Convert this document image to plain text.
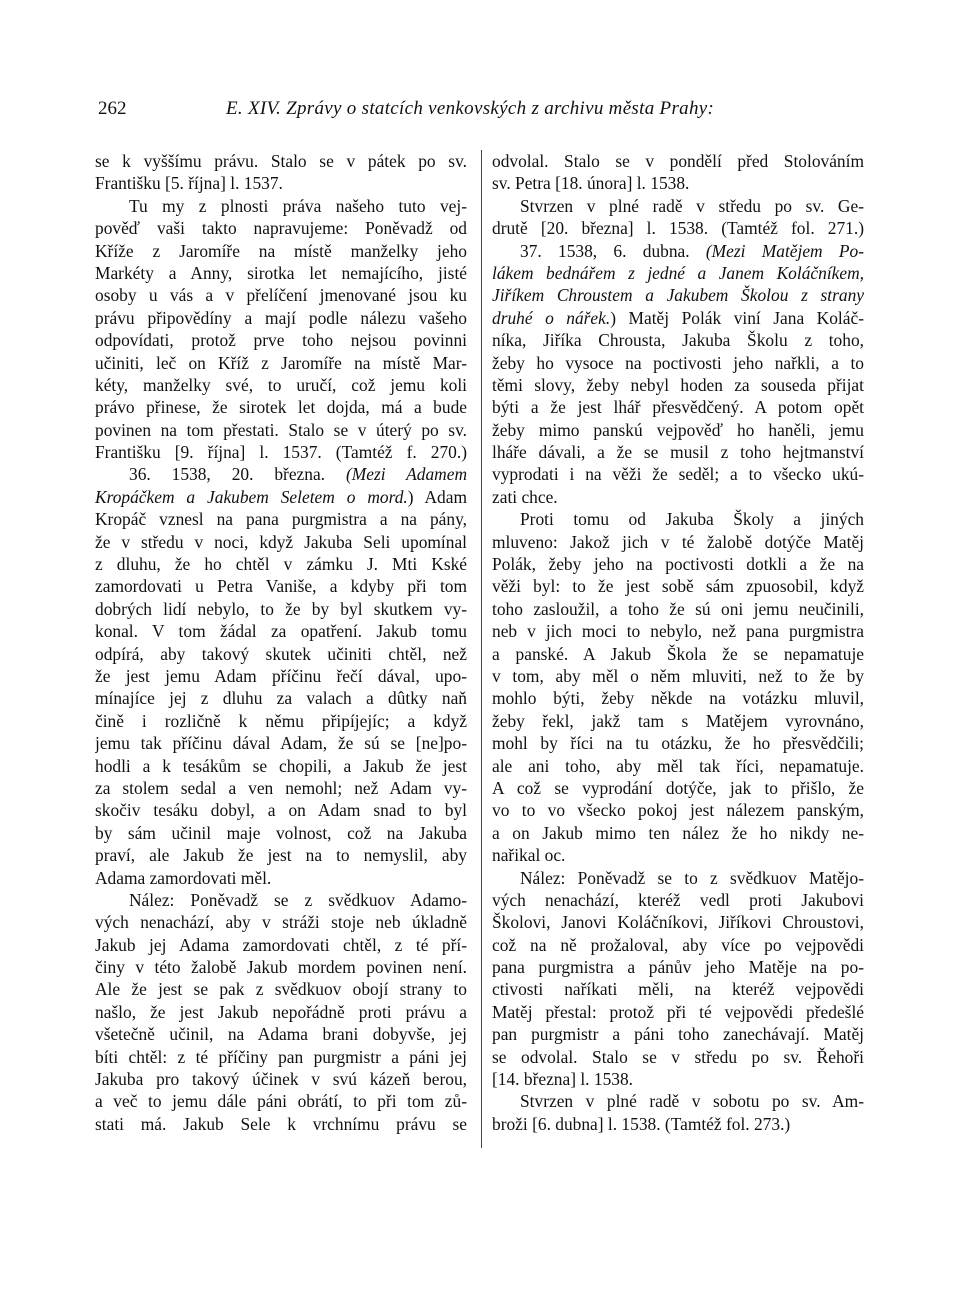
262	E. XIV. Zprávy o statcích venkovských z archivu města Prahy:
se k vyššímu právu. Stalo se v pátek po sv.
Františku [5. října] l. 1537.
Tu my z plnosti práva našeho tuto vej-
pověď vaši takto napravujeme: Poněvadž od
Kříže z Jaromíře na místě manželky jeho
Markéty a Anny, sirotka let nemajícího, jisté
osoby u vás a v přelíčení jmenované jsou ku
právu připovědíny a mají podle nálezu vašeho
odpovídati, protož prve toho nejsou povinni
učiniti, leč on Kříž z Jaromíře na místě Mar-
kéty, manželky své, to uručí, což jemu koli
právo přinese, že sirotek let dojda, má a bude
povinen na tom přestati. Stalo se v úterý po sv.
Františku [9. října] l. 1537. (Tamtéž f. 270.)
36. 1538, 20. března. (Mezi Adamem
Kropáčkem a Jakubem Seletem o mord.) Adam
Kropáč vznesl na pana purgmistra a na pány,
že v středu v noci, když Jakuba Seli upomínal
z dluhu, že ho chtěl v zámku J. Mti Kské
zamordovati u Petra Vaniše, a kdyby při tom
dobrých lidí nebylo, to že by byl skutkem vy-
konal. V tom žádal za opatření. Jakub tomu
odpírá, aby takový skutek učiniti chtěl, než
že jest jemu Adam příčinu řečí dával, upo-
mínajíce jej z dluhu za valach a dûtky naň
čině i rozličně k němu připíjejíc; a když
jemu tak příčinu dával Adam, že sú se [ne]po-
hodli a k tesákům se chopili, a Jakub že jest
za stolem sedal a ven nemohl; než Adam vy-
skočiv tesáku dobyl, a on Adam snad to byl
by sám učinil maje volnost, což na Jakuba
praví, ale Jakub že jest na to nemyslil, aby
Adama zamordovati měl.
Nález: Poněvadž se z svědkuov Adamo-
vých nenachází, aby v stráži stoje neb úkladně
Jakub jej Adama zamordovati chtěl, z té pří-
činy v této žalobě Jakub mordem povinen není.
Ale že jest se pak z svědkuov obojí strany to
našlo, že jest Jakub nepořádně proti právu a
všetečně učinil, na Adama brani dobyvše, jej
bíti chtěl: z té příčiny pan purgmistr a páni jej
Jakuba pro takový účinek v svú kázeň berou,
a več to jemu dále páni obrátí, to při tom zů-
stati má. Jakub Sele k vrchnímu právu se
odvolal. Stalo se v pondělí před Stolováním
sv. Petra [18. února] l. 1538.
Stvrzen v plné radě v středu po sv. Ge-
drutě [20. března] l. 1538. (Tamtéž fol. 271.)
37. 1538, 6. dubna. (Mezi Matějem Po-
lákem bednářem z jedné a Janem Koláčníkem,
Jiříkem Chroustem a Jakubem Školou z strany
druhé o nářek.) Matěj Polák viní Jana Koláč-
níka, Jiříka Chrousta, Jakuba Školu z toho,
žeby ho vysoce na poctivosti jeho nařkli, a to
těmi slovy, žeby nebyl hoden za souseda přijat
býti a že jest lhář přesvědčený. A potom opět
žeby mimo panskú vejpověď ho haněli, jemu
lháře dávali, a že se musil z toho hejtmanství
vyprodati i na věži že seděl; a to všecko ukú-
zati chce.
Proti tomu od Jakuba Školy a jiných
mluveno: Jakož jich v té žalobě dotýče Matěj
Polák, žeby jeho na poctivosti dotkli a že na
věži byl: to že jest sobě sám zpuosobil, když
toho zasloužil, a toho že sú oni jemu neučinili,
neb v jich moci to nebylo, než pana purgmistra
a panské. A Jakub Škola že se nepamatuje
v tom, aby měl o něm mluviti, než to že by
mohlo býti, žeby někde na votázku mluvil,
žeby řekl, jakž tam s Matějem vyrovnáno,
mohl by říci na tu otázku, že ho přesvědčili;
ale ani toho, aby měl tak říci, nepamatuje.
A což se vyprodání dotýče, jak to přišlo, že
vo to vo všecko pokoj jest nálezem panským,
a on Jakub mimo ten nález že ho nikdy ne-
nařikal oc.
Nález: Poněvadž se to z svědkuov Matějo-
vých nenachází, kteréž vedl proti Jakubovi
Školovi, Janovi Koláčníkovi, Jiříkovi Chroustovi,
což na ně prožaloval, aby více po vejpovědi
pana purgmistra a pánův jeho Matěje na po-
ctivosti naříkati měli, na kteréž vejpovědi
Matěj přestal: protož při té vejpovědi předešlé
pan purgmistr a páni toho zanechávají. Matěj
se odvolal. Stalo se v středu po sv. Řehoři
[14. března] l. 1538.
Stvrzen v plné radě v sobotu po sv. Am-
broži [6. dubna] l. 1538. (Tamtéž fol. 273.)
